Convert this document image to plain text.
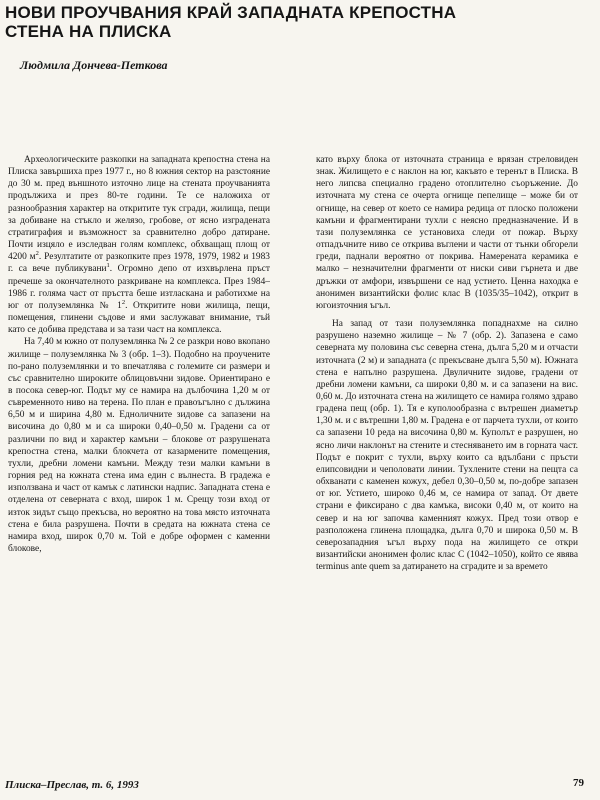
НОВИ ПРОУЧВАНИЯ КРАЙ ЗАПАДНАТА КРЕПОСТНА
СТЕНА НА ПЛИСКА
Людмила Дончева-Петкова

Археологическите разкопки на западната крепостна стена на Плиска завършиха през 1977 г., но 8 южния сектор на разстояние до 30 м. пред външното източно лице на стената проучванията продължиха и през 80-те години. Те се наложиха от разнообразния характер на откритите тук сгради, жилища, пещи за добиване на стъкло и желязо, гробове, от ясно изградената стратиграфия и възможност за сравнително добро датиране. Почти изцяло е изследван голям комплекс, обхващащ площ от 4200 $м^2$. Резултатите от разкопките през 1978, 1979, 1982 и 1983 г. са вече публикувани$^1$. Огромно депо от изхвърлена пръст пречеше за окончателното разкриване на комплекса. През 1984–1986 г. голяма част от пръстта беше изтласкана и работихме на юг от полуземлянка № $1^2$. Откритите нови жилища, пещи, помещения, глинени съдове и ями заслужават внимание, тъй като се добива представа и за тази част на комплекса.

На 7,40 м южно от полуземлянка № 2 се разкри ново вкопано жилище – полуземлянка № 3 (обр. 1–3). Подобно на проучените по-рано полуземлянки и то впечатлява с големите си размери и със сравнително широките облицовъчни зидове. Ориентирано е в посока север-юг. Подът му се намира на дълбочина 1,20 м от съвременното ниво на терена. По план е правоъгълно с дължина 6,50 м и ширина 4,80 м. Едноличните зидове са запазени на височина до 0,80 м и са широки 0,40–0,50 м. Градени са от различни по вид и характер камъни – блокове от разрушената крепостна стена, малки блокчета от казармените помещения, тухли, дребни ломени камъни. Между тези малки камъни в горния ред на южната стена има един с вълнеста. В градежа е използвана и част от камък с латински надпис. Западната стена е отделена от северната с вход, широк 1 м. Срещу този вход от изток зидът също прекъсва, но вероятно на това място източната стена е била разрушена. Почти в средата на южната стена се намира вход, широк 0,70 м. Той е добре оформен с каменни блокове,

като върху блока от източната страница е врязан стреловиден знак. Жилището е с наклон на юг, какъвто е теренът в Плиска. В него липсва специално градено отоплително съоръжение. До източната му стена се очерта огнище пепелище – може би от огнище, на север от което се намира редица от плоско положени камъни и фрагментирани тухли с неясно предназначение. И в тази полуземлянка се установиха следи от пожар. Върху отпадъчните ниво се открива въглени и части от тънки обгорели греди, паднали вероятно от покрива. Намерената керамика е малко – незначителни фрагменти от ниски сиви гърнета и две дръжки от амфори, извършени се над устието. Ценна находка е анонимен византийски фолис клас B (1035/35–1042), открит в югоизточния ъгъл.

На запад от тази полуземлянка попаднахме на силно разрушено наземно жилище – № 7 (обр. 2). Запазена е само северната му половина със северна стена, дълга 5,20 м и отчасти източната (2 м) и западната (с прекъсване дълга 5,50 м). Южната стена е напълно разрушена. Двуличните зидове, градени от дребни ломени камъни, са широки 0,80 м. и са запазени на вис. 0,60 м. До източната стена на жилището се намира голямо здраво градена пещ (обр. 1). Тя е куполообразна с вътрешен диаметър 1,30 м. и с вътрешни 1,80 м. Градена е от парчета тухли, от които са запазени 10 реда на височина 0,80 м. Куполът е разрушен, но ясно личи наклонът на стените и стесняването им в горната част. Подът е покрит с тухли, върху които са вдълбани с пръсти елипсовидни и чеполовати линии. Тухлените стени на пещта са обхванати с каменен кожух, дебел 0,30–0,50 м, по-добре запазен от юг. Устието, широко 0,46 м, се намира от запад. От двете страни е фиксирано с два камъка, високи 0,40 м, от които на север и на юг започва каменният кожух. Пред този отвор е разположена глинена площадка, дълга 0,70 и широка 0,50 м. В северозападния ъгъл върху пода на жилището се откри византийски анонимен фолис клас C (1042–1050), който се явява terminus ante quem за датирането на сградите и за времето

Плиска–Преслав, т. 6, 1993	79
